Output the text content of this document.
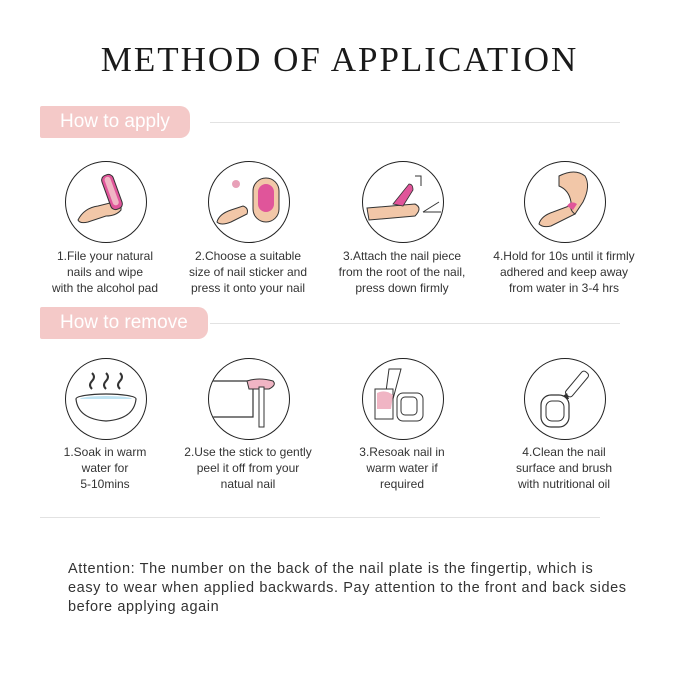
METHOD OF APPLICATION
How to apply
1.File your natural
nails and wipe
with the alcohol pad
2.Choose a suitable
size of nail sticker and
press it onto your nail
3.Attach the nail piece
from the root of the nail,
press down firmly
4.Hold for 10s until it firmly
adhered and keep away
from water in 3-4 hrs
How to remove
1.Soak in warm
water for
5-10mins
2.Use the stick to gently
peel it off from your
natual nail
3.Resoak nail in
warm water if
required
4.Clean the nail
surface and brush
with nutritional oil
Attention: The number on the back of the nail plate is the fingertip, which is easy to wear when applied backwards. Pay attention to the front and back sides before applying again
